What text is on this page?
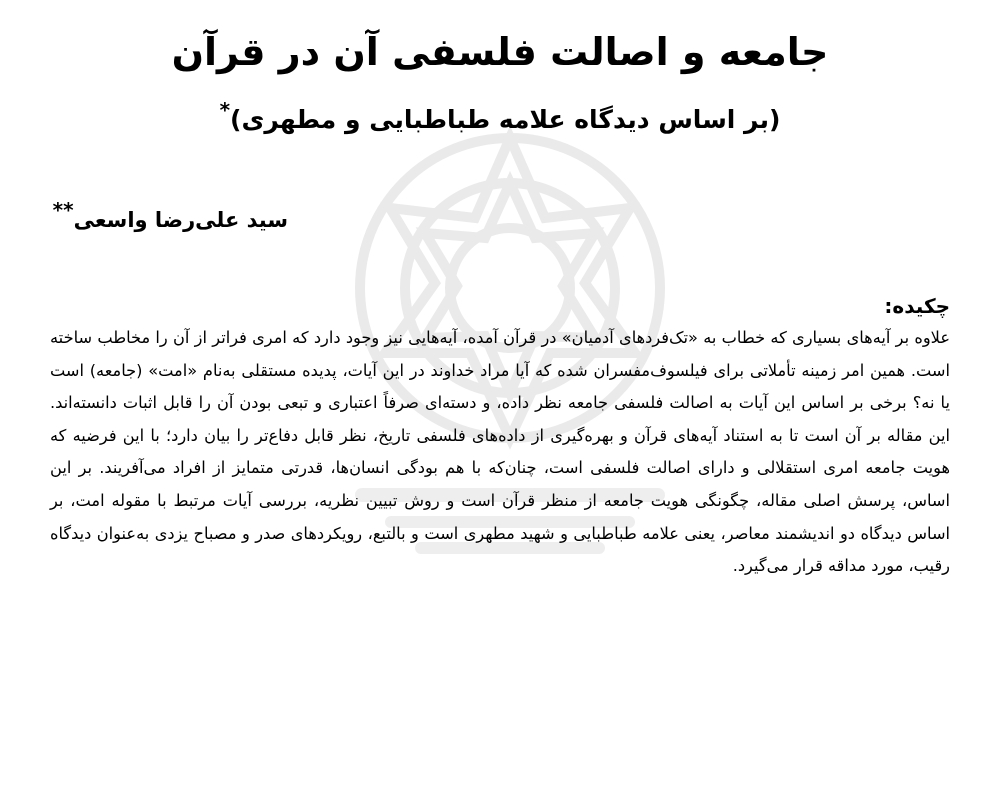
جامعه و اصالت فلسفی آن در قرآن
(بر اساس دیدگاه علامه طباطبایی و مطهری)*
سید علی‌رضا واسعی**
چکیده:

علاوه بر آیه‌های بسیاری که خطاب به «تک‌فردهای آدمیان» در قرآن آمده، آیه‌هایی نیز وجود دارد که امری فراتر از آن را مخاطب ساخته است. همین امر زمینه تأملاتی برای فیلسوف‌مفسران شده که آیا مراد خداوند در این آیات، پدیده مستقلی به‌نام «امت» (جامعه) است یا نه؟ برخی بر اساس این آیات به اصالت فلسفی جامعه نظر داده، و دسته‌ای صرفاً اعتباری و تبعی بودن آن را قابل اثبات دانسته‌اند. این مقاله بر آن است تا به استناد آیه‌های قرآن و بهره‌گیری از داده‌های فلسفی تاریخ، نظر قابل دفاع‌تر را بیان دارد؛ با این فرضیه که هویت جامعه امری استقلالی و دارای اصالت فلسفی است، چنان‌که با هم بودگی انسان‌ها، قدرتی متمایز از افراد می‌آفریند. بر این اساس، پرسش اصلی مقاله، چگونگی هویت جامعه از منظر قرآن است و روش تبیین نظریه، بررسی آیات مرتبط با مقوله امت، بر اساس دیدگاه دو اندیشمند معاصر، یعنی علامه طباطبایی و شهید مطهری است و بالتبع، رویکردهای صدر و مصباح یزدی به‌عنوان دیدگاه رقیب، مورد مداقه قرار می‌گیرد.
